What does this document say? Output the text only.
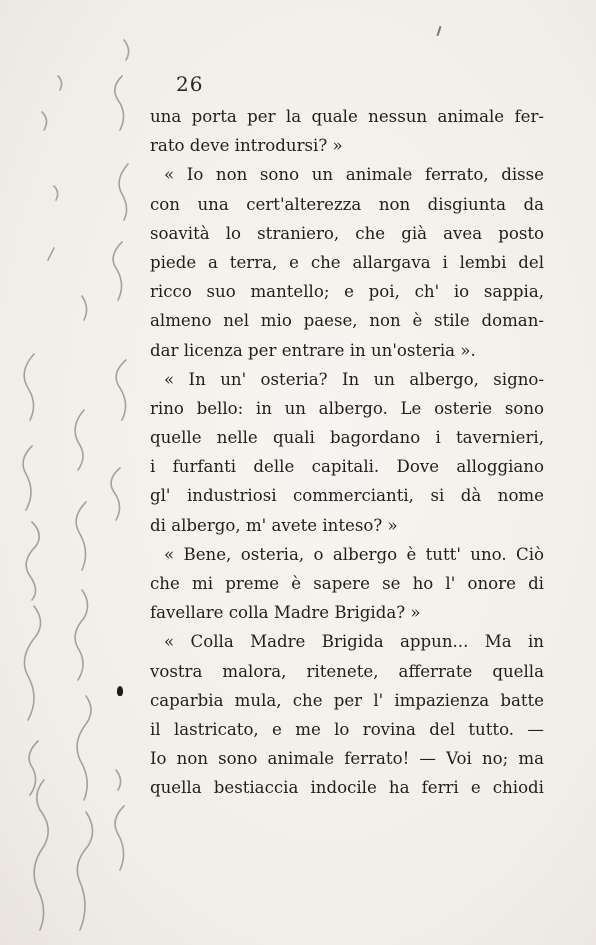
26
una porta per la quale nessun animale fer-
rato deve introdursi? »
« Io non sono un animale ferrato, disse
con una cert'alterezza non disgiunta da
soavità lo straniero, che già avea posto
piede a terra, e che allargava i lembi del
ricco suo mantello; e poi, ch' io sappia,
almeno nel mio paese, non è stile doman-
dar licenza per entrare in un'osteria ».
« In un' osteria? In un albergo, signo-
rino bello: in un albergo. Le osterie sono
quelle nelle quali bagordano i tavernieri,
i furfanti delle capitali. Dove alloggiano
gl' industriosi commercianti, si dà nome
di albergo, m' avete inteso? »
« Bene, osteria, o albergo è tutt' uno. Ciò
che mi preme è sapere se ho l' onore di
favellare colla Madre Brigida? »
« Colla Madre Brigida appun... Ma in
vostra malora, ritenete, afferrate quella
caparbia mula, che per l' impazienza batte
il lastricato, e me lo rovina del tutto. —
Io non sono animale ferrato! — Voi no; ma
quella bestiaccia indocile ha ferri e chiodi
